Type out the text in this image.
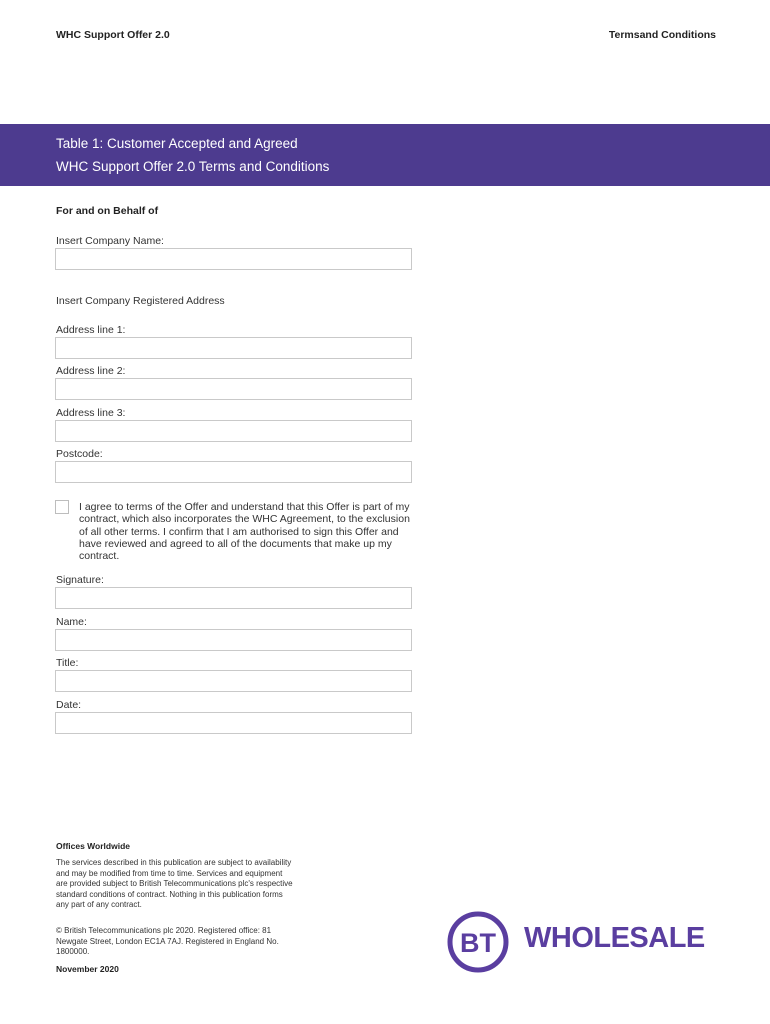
WHC Support Offer 2.0	Termsand Conditions
Table 1: Customer Accepted and Agreed
WHC Support Offer 2.0 Terms and Conditions
For and on Behalf of
Insert Company Name:
Insert Company Registered Address
Address line 1:
Address line 2:
Address line 3:
Postcode:
I agree to terms of the Offer and understand that this Offer is part of my contract, which also incorporates the WHC Agreement, to the exclusion of all other terms. I confirm that I am authorised to sign this Offer and have reviewed and agreed to all of the documents that make up my contract.
Signature:
Name:
Title:
Date:
Offices Worldwide
The services described in this publication are subject to availability and may be modified from time to time. Services and equipment are provided subject to British Telecommunications plc's respective standard conditions of contract. Nothing in this publication forms any part of any contract.
© British Telecommunications plc 2020. Registered office: 81 Newgate Street, London EC1A 7AJ. Registered in England No. 1800000.
November 2020
BT WHOLESALE
